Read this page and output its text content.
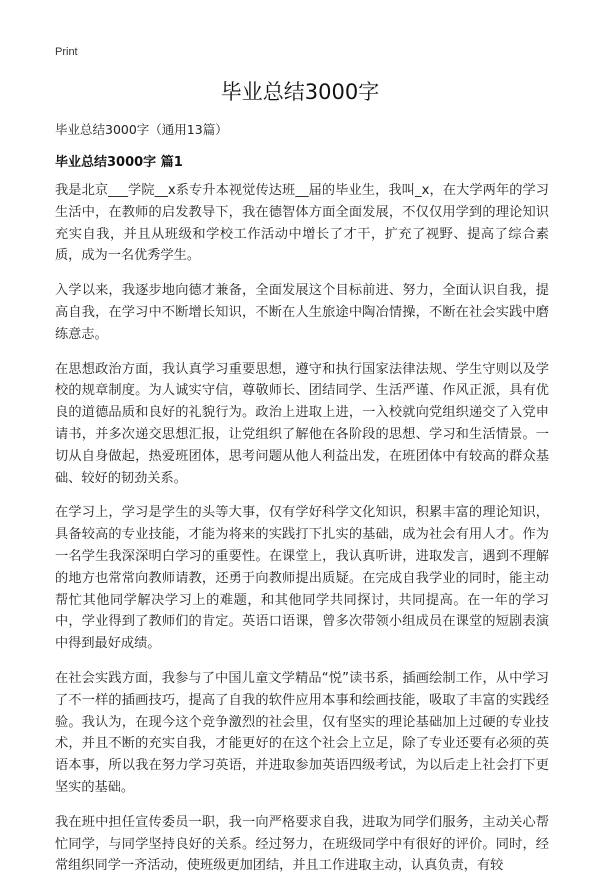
Print
毕业总结3000字
毕业总结3000字（通用13篇）
毕业总结3000字 篇1

我是北京___学院__x系专升本视觉传达班__届的毕业生，我叫_x，在大学两年的学习生活中，在教师的启发教导下，我在德智体方面全面发展，不仅仅用学到的理论知识充实自我，并且从班级和学校工作活动中增长了才干，扩充了视野、提高了综合素质，成为一名优秀学生。

入学以来，我逐步地向德才兼备，全面发展这个目标前进、努力，全面认识自我，提高自我，在学习中不断增长知识，不断在人生旅途中陶冶情操，不断在社会实践中磨练意志。

在思想政治方面，我认真学习重要思想，遵守和执行国家法律法规、学生守则以及学校的规章制度。为人诚实守信，尊敬师长、团结同学、生活严谨、作风正派，具有优良的道德品质和良好的礼貌行为。政治上进取上进，一入校就向党组织递交了入党申请书，并多次递交思想汇报，让党组织了解他在各阶段的思想、学习和生活情景。一切从自身做起，热爱班团体，思考问题从他人利益出发，在班团体中有较高的群众基础、较好的韧劲关系。

在学习上，学习是学生的头等大事，仅有学好科学文化知识，积累丰富的理论知识，具备较高的专业技能，才能为将来的实践打下扎实的基础，成为社会有用人才。作为一名学生我深深明白学习的重要性。在课堂上，我认真听讲，进取发言，遇到不理解的地方也常常向教师请教，还勇于向教师提出质疑。在完成自我学业的同时，能主动帮忙其他同学解决学习上的难题，和其他同学共同探讨，共同提高。在一年的学习中，学业得到了教师们的肯定。英语口语课，曾多次带领小组成员在课堂的短剧表演中得到最好成绩。

在社会实践方面，我参与了中国儿童文学精品“悦”读书系，插画绘制工作，从中学习了不一样的插画技巧，提高了自我的软件应用本事和绘画技能，吸取了丰富的实践经验。我认为，在现今这个竞争激烈的社会里，仅有坚实的理论基础加上过硬的专业技术，并且不断的充实自我，才能更好的在这个社会上立足，除了专业还要有必须的英语本事，所以我在努力学习英语，并进取参加英语四级考试，为以后走上社会打下更坚实的基础。

我在班中担任宣传委员一职，我一向严格要求自我，进取为同学们服务，主动关心帮忙同学，与同学坚持良好的关系。经过努力，在班级同学中有很好的评价。同时，经常组织同学一齐活动，使班级更加团结，并且工作进取主动，认真负责，有较
